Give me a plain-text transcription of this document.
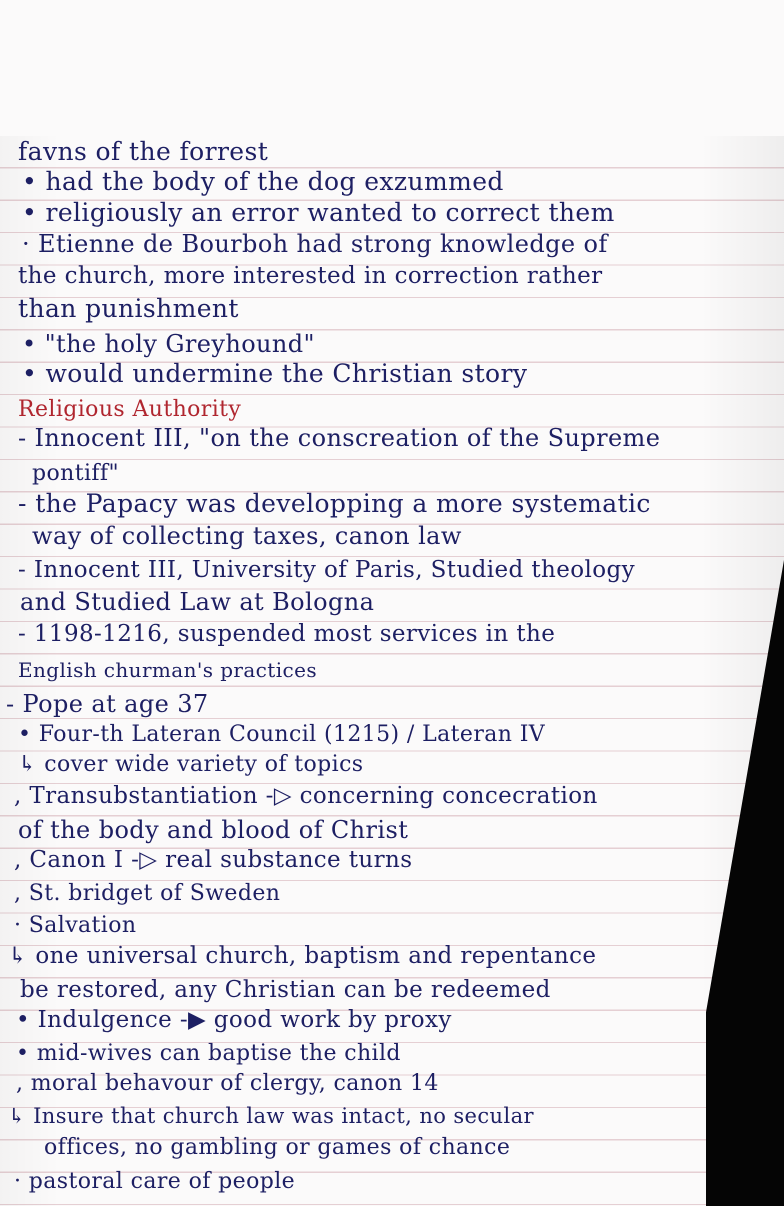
favns of the forrest

• had the body of the dog exzummed

• religiously an error wanted to correct them

· Etienne de Bourboh had strong knowledge of

the church, more interested in correction rather

than punishment

• "the holy Greyhound"

• would undermine the Christian story

Religious Authority

- Innocent III, "on the conscreation of the Supreme

pontiff"

- the Papacy was developping a more systematic

way of collecting taxes, canon law

- Innocent III, University of Paris, Studied theology

and Studied Law at Bologna

- 1198-1216, suspended most services in the

English churman's practices

- Pope at age 37

• Four-th Lateran Council (1215) / Lateran IV

↳ cover wide variety of topics

, Transubstantiation -▷ concerning concecration

of the body and blood of Christ

, Canon I -▷ real substance turns

, St. bridget of Sweden

· Salvation

↳ one universal church, baptism and repentance

be restored, any Christian can be redeemed

• Indulgence -▶ good work by proxy

• mid-wives can baptise the child

, moral behavour of clergy, canon 14

↳ Insure that church law was intact, no secular

offices, no gambling or games of chance

· pastoral care of people
